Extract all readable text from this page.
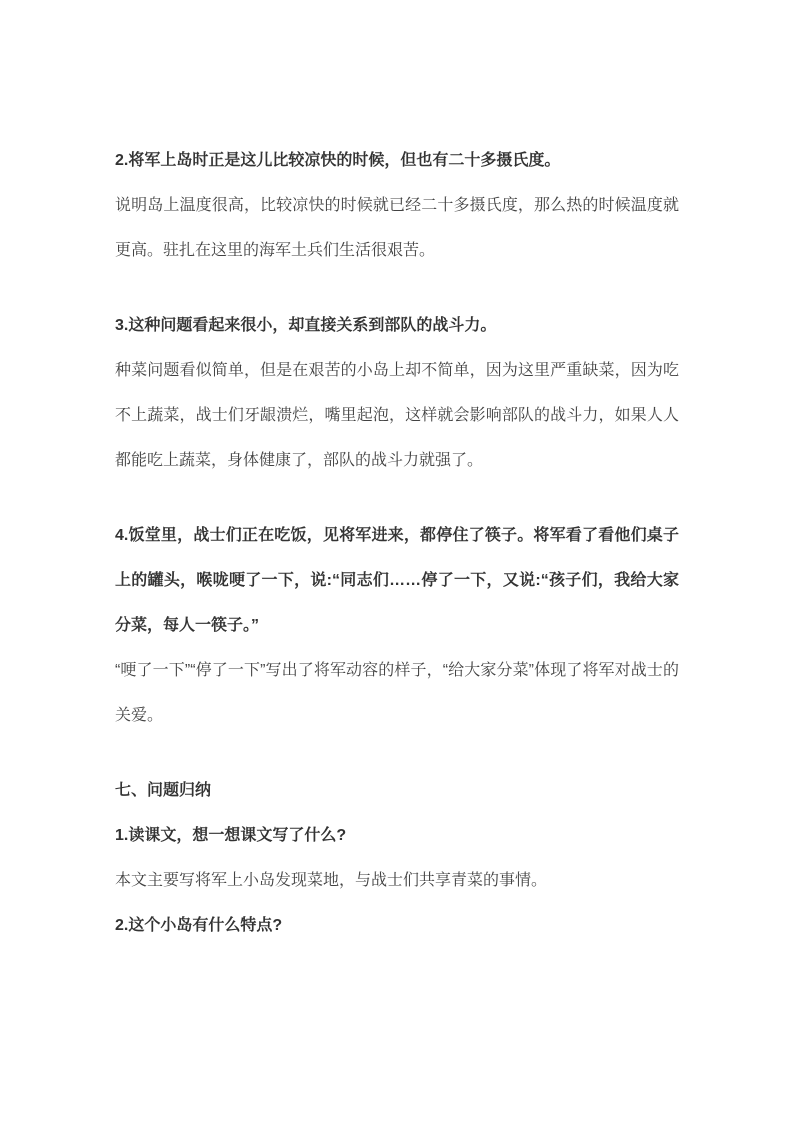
2.将军上岛时正是这儿比较凉快的时候，但也有二十多摄氏度。

说明岛上温度很高，比较凉快的时候就已经二十多摄氏度，那么热的时候温度就更高。驻扎在这里的海军土兵们生活很艰苦。

3.这种问题看起来很小，却直接关系到部队的战斗力。

种菜问题看似简单，但是在艰苦的小岛上却不简单，因为这里严重缺菜，因为吃不上蔬菜，战士们牙龈溃烂，嘴里起泡，这样就会影响部队的战斗力，如果人人都能吃上蔬菜，身体健康了，部队的战斗力就强了。

4.饭堂里，战士们正在吃饭，见将军进来，都停住了筷子。将军看了看他们桌子上的罐头，喉咙哽了一下，说:“同志们……停了一下，又说:“孩子们，我给大家分菜，每人一筷子。”

“哽了一下”“停了一下”写出了将军动容的样子，“给大家分菜”体现了将军对战士的关爱。

七、问题归纳

1.读课文，想一想课文写了什么?

本文主要写将军上小岛发现菜地，与战士们共享青菜的事情。

2.这个小岛有什么特点?
